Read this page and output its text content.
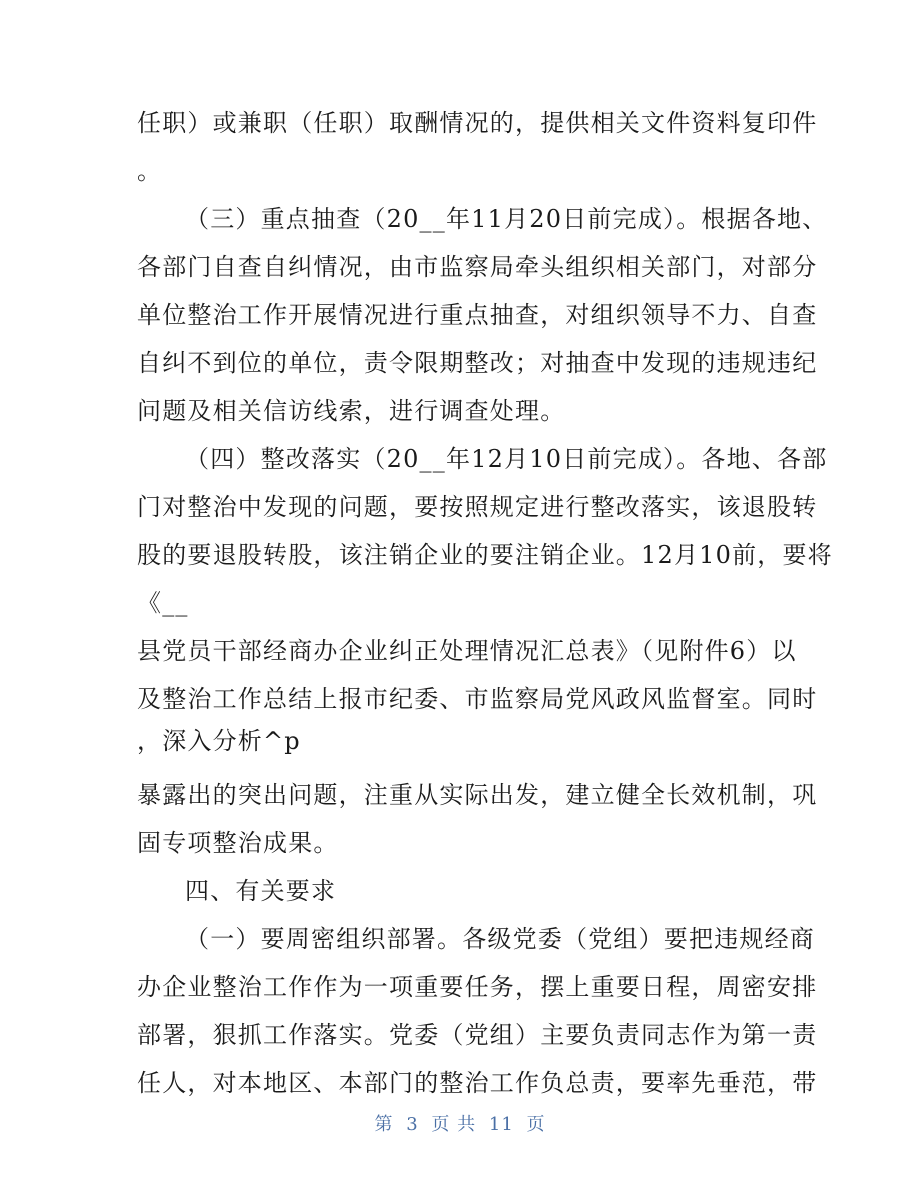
任职）或兼职（任职）取酬情况的，提供相关文件资料复印件
。
（三）重点抽查（20__年11月20日前完成）。根据各地、
各部门自查自纠情况，由市监察局牵头组织相关部门，对部分
单位整治工作开展情况进行重点抽查，对组织领导不力、自查
自纠不到位的单位，责令限期整改；对抽查中发现的违规违纪
问题及相关信访线索，进行调查处理。
（四）整改落实（20__年12月10日前完成）。各地、各部
门对整治中发现的问题，要按照规定进行整改落实，该退股转
股的要退股转股，该注销企业的要注销企业。12月10前，要将
《__
县党员干部经商办企业纠正处理情况汇总表》（见附件6）以
及整治工作总结上报市纪委、市监察局党风政风监督室。同时
，深入分析^p
暴露出的突出问题，注重从实际出发，建立健全长效机制，巩
固专项整治成果。
四、有关要求
（一）要周密组织部署。各级党委（党组）要把违规经商
办企业整治工作作为一项重要任务，摆上重要日程，周密安排
部署，狠抓工作落实。党委（党组）主要负责同志作为第一责
任人，对本地区、本部门的整治工作负总责，要率先垂范，带
第 3 页 共 11 页
